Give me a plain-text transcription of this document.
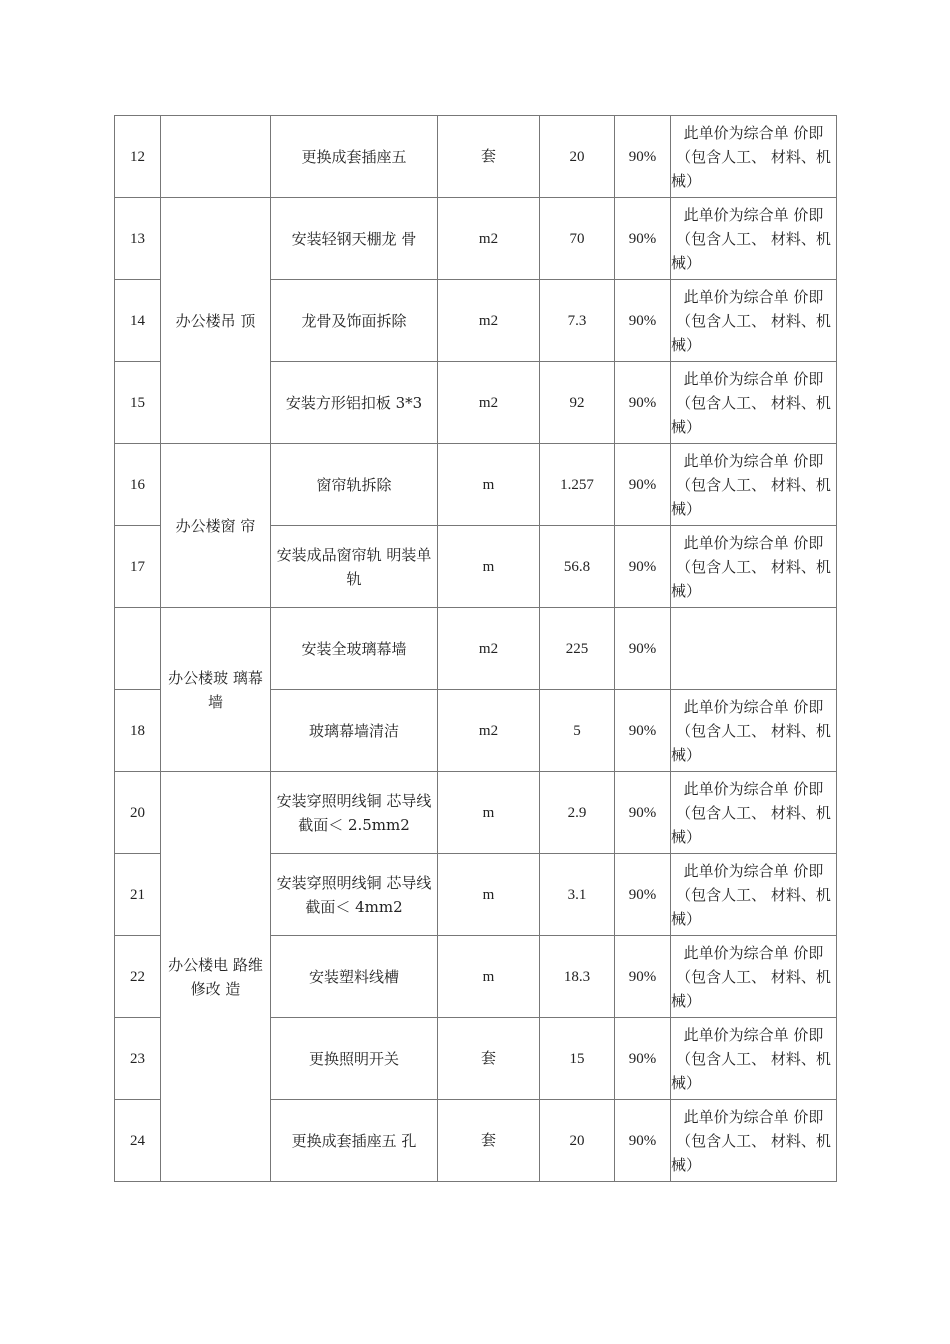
12		更换成套插座五	套	20	90%	此单价为综合单 价即（包含人工、 材料、机械）
13	办公楼吊 顶	安装轻钢天棚龙 骨	m2	70	90%	此单价为综合单 价即（包含人工、 材料、机械）
14		龙骨及饰面拆除	m2	7.3	90%	此单价为综合单 价即（包含人工、 材料、机械）
15		安装方形铝扣板 3*3	m2	92	90%	此单价为综合单 价即（包含人工、 材料、机械）
16	办公楼窗 帘	窗帘轨拆除	m	1.257	90%	此单价为综合单 价即（包含人工、 材料、机械）
17		安装成品窗帘轨 明装单轨	m	56.8	90%	此单价为综合单 价即（包含人工、 材料、机械）
	办公楼玻 璃幕墙	安装全玻璃幕墙	m2	225	90%	
18		玻璃幕墙清洁	m2	5	90%	此单价为综合单 价即（包含人工、 材料、机械）
20	办公楼电 路维修改 造	安装穿照明线铜 芯导线截面＜ 2.5mm2	m	2.9	90%	此单价为综合单 价即（包含人工、 材料、机械）
21		安装穿照明线铜 芯导线截面＜ 4mm2	m	3.1	90%	此单价为综合单 价即（包含人工、 材料、机械）
22		安装塑料线槽	m	18.3	90%	此单价为综合单 价即（包含人工、 材料、机械）
23		更换照明开关	套	15	90%	此单价为综合单 价即（包含人工、 材料、机械）
24		更换成套插座五 孔	套	20	90%	此单价为综合单 价即（包含人工、 材料、机械）
